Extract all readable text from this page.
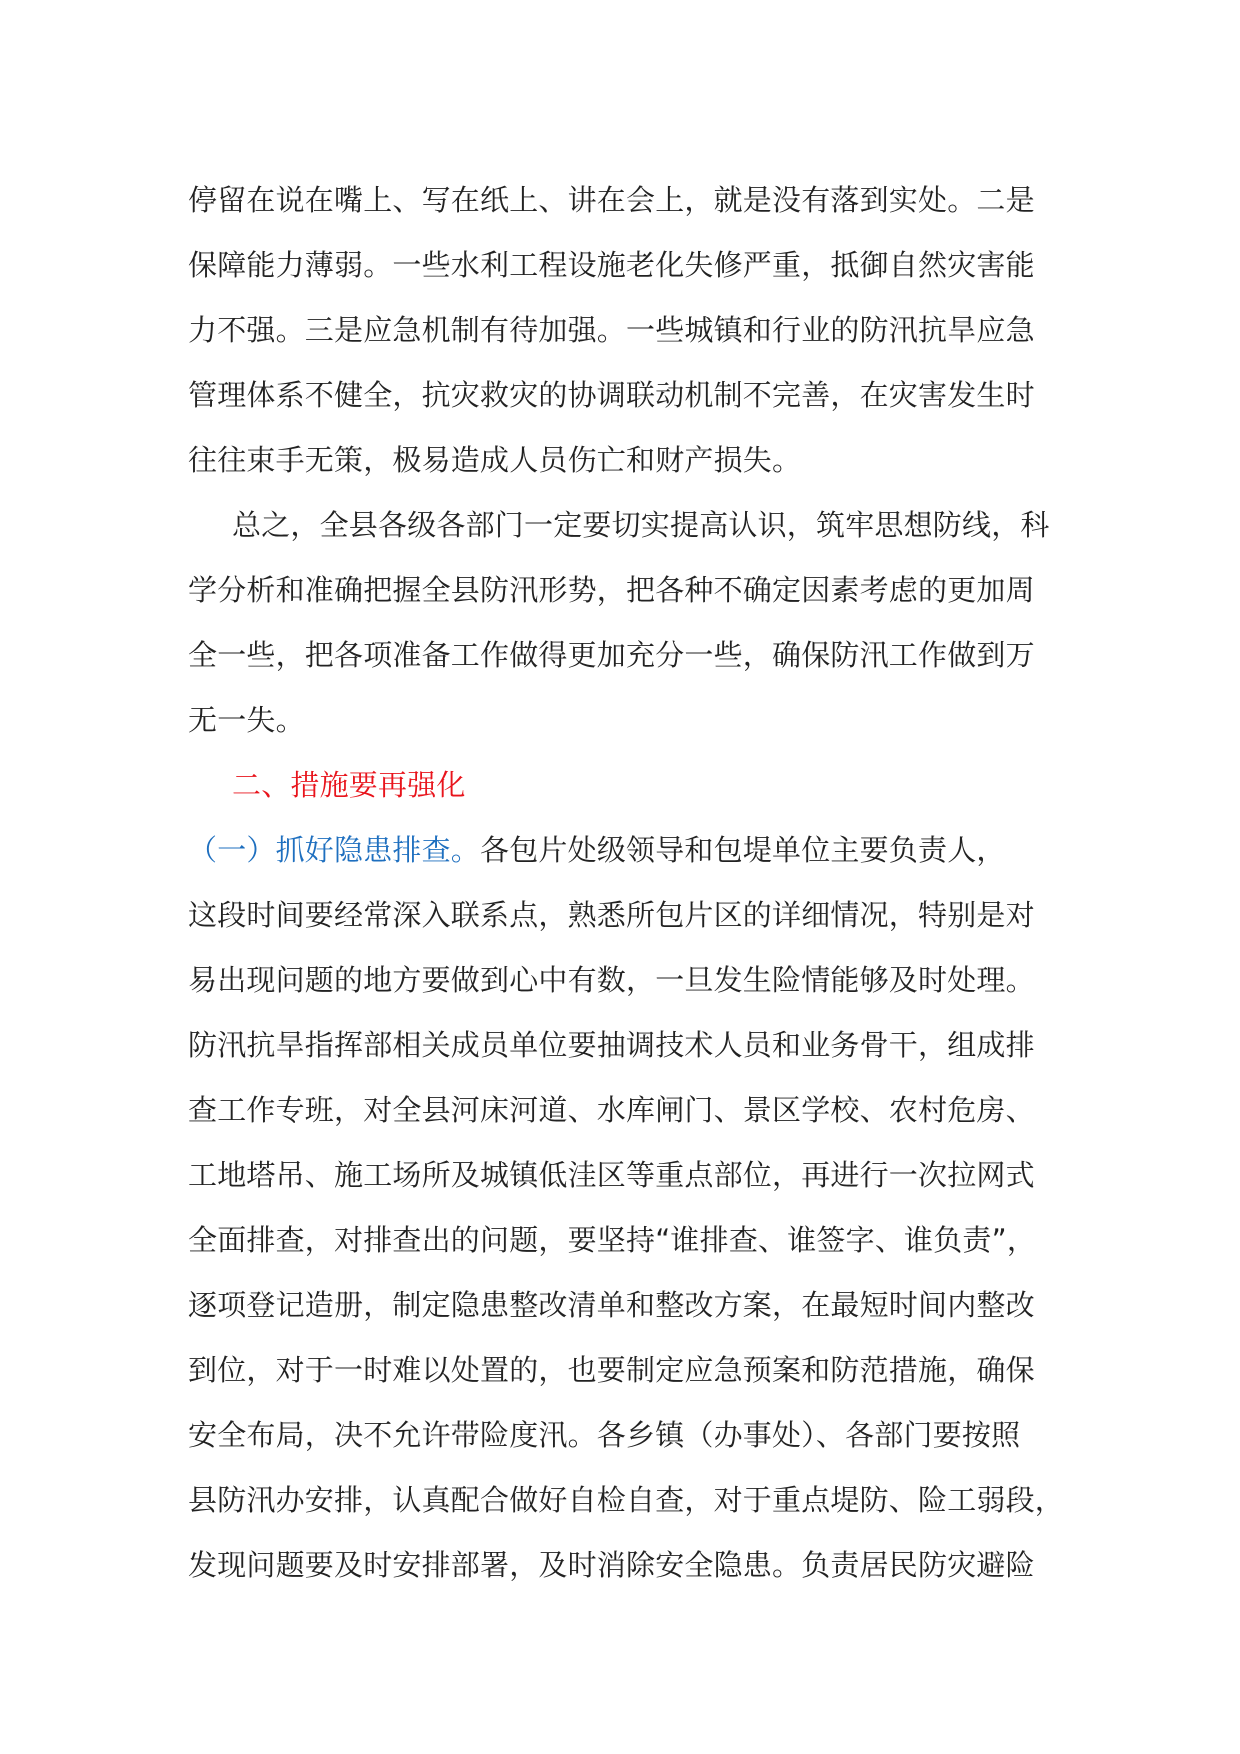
停留在说在嘴上、写在纸上、讲在会上，就是没有落到实处。二是
保障能力薄弱。一些水利工程设施老化失修严重，抵御自然灾害能
力不强。三是应急机制有待加强。一些城镇和行业的防汛抗旱应急
管理体系不健全，抗灾救灾的协调联动机制不完善，在灾害发生时
往往束手无策，极易造成人员伤亡和财产损失。
总之，全县各级各部门一定要切实提高认识，筑牢思想防线，科
学分析和准确把握全县防汛形势，把各种不确定因素考虑的更加周
全一些，把各项准备工作做得更加充分一些，确保防汛工作做到万
无一失。
二、措施要再强化
（一）抓好隐患排查。各包片处级领导和包堤单位主要负责人，
这段时间要经常深入联系点，熟悉所包片区的详细情况，特别是对
易出现问题的地方要做到心中有数，一旦发生险情能够及时处理。
防汛抗旱指挥部相关成员单位要抽调技术人员和业务骨干，组成排
查工作专班，对全县河床河道、水库闸门、景区学校、农村危房、
工地塔吊、施工场所及城镇低洼区等重点部位，再进行一次拉网式
全面排查，对排查出的问题，要坚持“谁排查、谁签字、谁负责”，
逐项登记造册，制定隐患整改清单和整改方案，在最短时间内整改
到位，对于一时难以处置的，也要制定应急预案和防范措施，确保
安全布局，决不允许带险度汛。各乡镇（办事处）、各部门要按照
县防汛办安排，认真配合做好自检自查，对于重点堤防、险工弱段，
发现问题要及时安排部署，及时消除安全隐患。负责居民防灾避险
